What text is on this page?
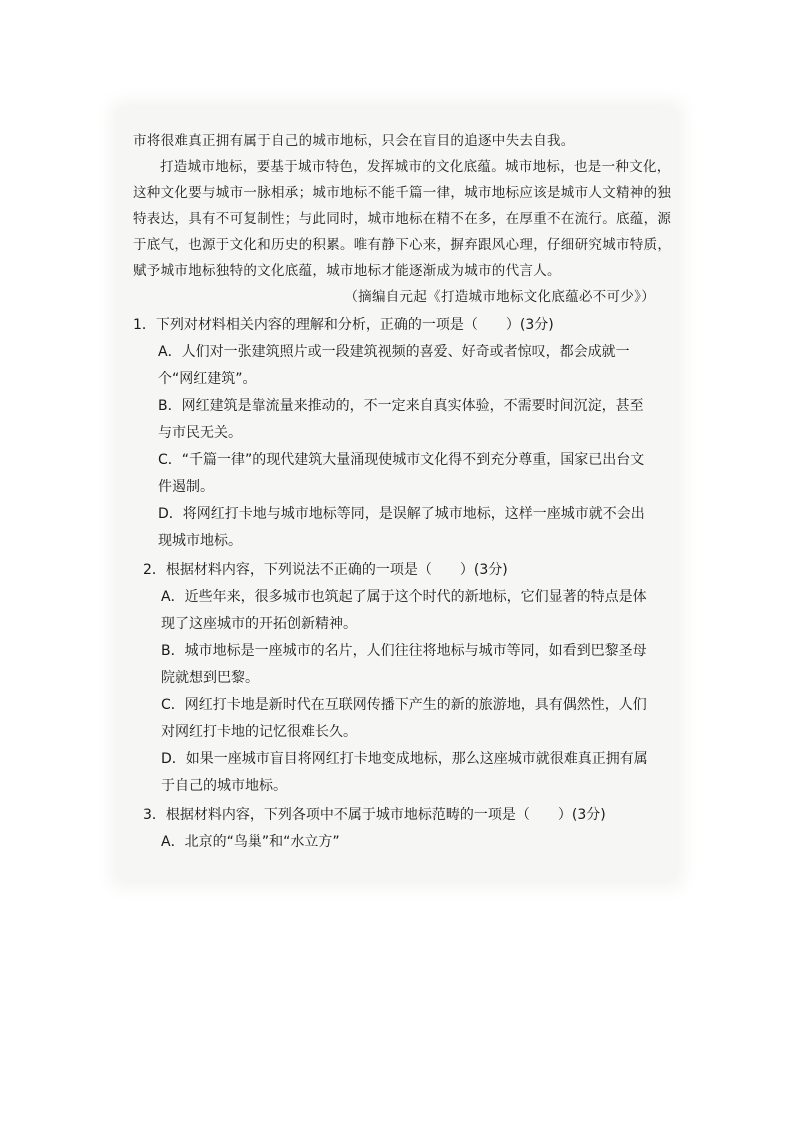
市将很难真正拥有属于自己的城市地标，只会在盲目的追逐中失去自我。

打造城市地标，要基于城市特色，发挥城市的文化底蕴。城市地标，也是一种文化，这种文化要与城市一脉相承；城市地标不能千篇一律，城市地标应该是城市人文精神的独特表达，具有不可复制性；与此同时，城市地标在精不在多，在厚重不在流行。底蕴，源于底气，也源于文化和历史的积累。唯有静下心来，摒弃跟风心理，仔细研究城市特质，赋予城市地标独特的文化底蕴，城市地标才能逐渐成为城市的代言人。

（摘编自元起《打造城市地标文化底蕴必不可少》）

1．下列对材料相关内容的理解和分析，正确的一项是（　　）(3分)

A．人们对一张建筑照片或一段建筑视频的喜爱、好奇或者惊叹，都会成就一个“网红建筑”。

B．网红建筑是靠流量来推动的，不一定来自真实体验，不需要时间沉淀，甚至与市民无关。

C．“千篇一律”的现代建筑大量涌现使城市文化得不到充分尊重，国家已出台文件遏制。

D．将网红打卡地与城市地标等同，是误解了城市地标，这样一座城市就不会出现城市地标。

2．根据材料内容，下列说法不正确的一项是（　　）(3分)

A．近些年来，很多城市也筑起了属于这个时代的新地标，它们显著的特点是体现了这座城市的开拓创新精神。

B．城市地标是一座城市的名片，人们往往将地标与城市等同，如看到巴黎圣母院就想到巴黎。

C．网红打卡地是新时代在互联网传播下产生的新的旅游地，具有偶然性，人们对网红打卡地的记忆很难长久。

D．如果一座城市盲目将网红打卡地变成地标，那么这座城市就很难真正拥有属于自己的城市地标。

3．根据材料内容，下列各项中不属于城市地标范畴的一项是（　　）(3分)

A．北京的“鸟巢”和“水立方”
